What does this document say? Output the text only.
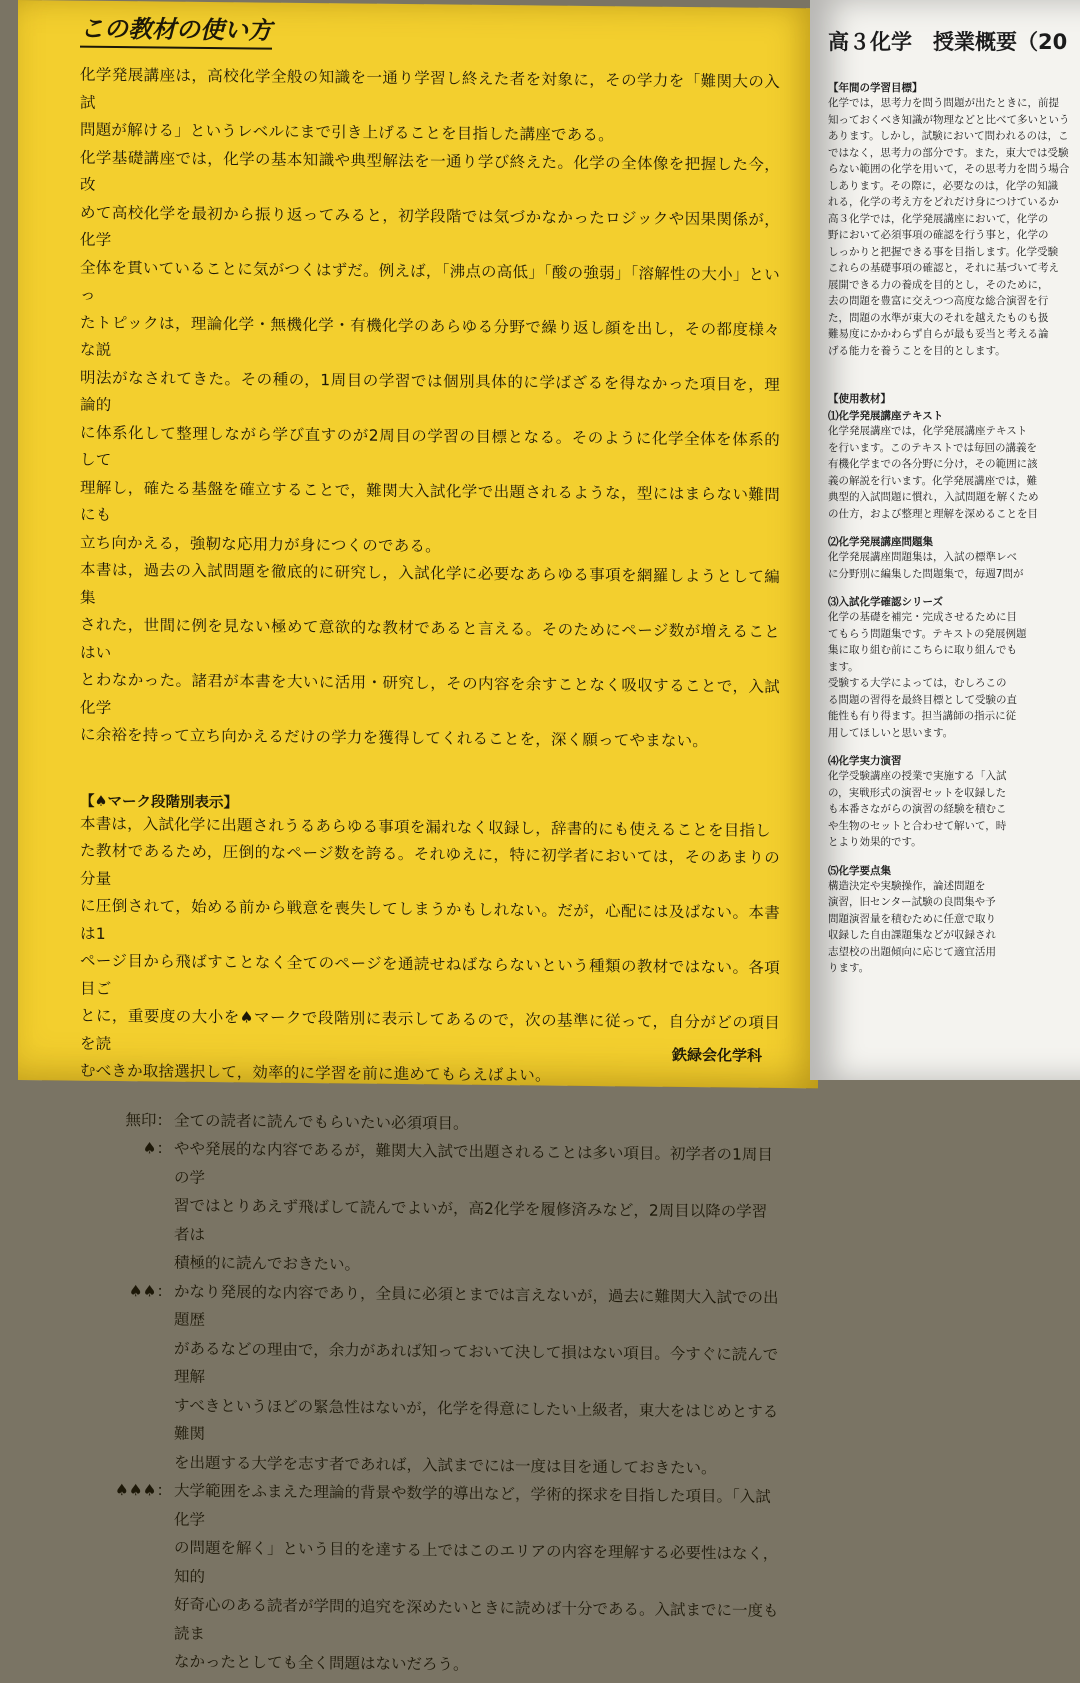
この教材の使い方
化学発展講座は，高校化学全般の知識を一通り学習し終えた者を対象に，その学力を「難関大の入試
問題が解ける」というレベルにまで引き上げることを目指した講座である。
化学基礎講座では，化学の基本知識や典型解法を一通り学び終えた。化学の全体像を把握した今，改
めて高校化学を最初から振り返ってみると，初学段階では気づかなかったロジックや因果関係が，化学
全体を貫いていることに気がつくはずだ。例えば，「沸点の高低」「酸の強弱」「溶解性の大小」といっ
たトピックは，理論化学・無機化学・有機化学のあらゆる分野で繰り返し顔を出し，その都度様々な説
明法がなされてきた。その種の，1周目の学習では個別具体的に学ばざるを得なかった項目を，理論的
に体系化して整理しながら学び直すのが2周目の学習の目標となる。そのように化学全体を体系的して
理解し，確たる基盤を確立することで，難関大入試化学で出題されるような，型にはまらない難問にも
立ち向かえる，強靭な応用力が身につくのである。
本書は，過去の入試問題を徹底的に研究し，入試化学に必要なあらゆる事項を網羅しようとして編集
された，世間に例を見ない極めて意欲的な教材であると言える。そのためにページ数が増えることはい
とわなかった。諸君が本書を大いに活用・研究し，その内容を余すことなく吸収することで，入試化学
に余裕を持って立ち向かえるだけの学力を獲得してくれることを，深く願ってやまない。
【♠マーク段階別表示】
本書は，入試化学に出題されうるあらゆる事項を漏れなく収録し，辞書的にも使えることを目指し
た教材であるため，圧倒的なページ数を誇る。それゆえに，特に初学者においては，そのあまりの分量
に圧倒されて，始める前から戦意を喪失してしまうかもしれない。だが，心配には及ばない。本書は1
ページ目から飛ばすことなく全てのページを通読せねばならないという種類の教材ではない。各項目ご
とに，重要度の大小を♠マークで段階別に表示してあるので，次の基準に従って，自分がどの項目を読
むべきか取捨選択して，効率的に学習を前に進めてもらえばよい。
無印： 全ての読者に読んでもらいたい必須項目。
♠： やや発展的な内容であるが，難関大入試で出題されることは多い項目。初学者の1周目の学
習ではとりあえず飛ばして読んでよいが，高2化学を履修済みなど，2周目以降の学習者は
積極的に読んでおきたい。
♠♠： かなり発展的な内容であり，全員に必須とまでは言えないが，過去に難関大入試での出題歴
があるなどの理由で，余力があれば知っておいて決して損はない項目。今すぐに読んで理解
すべきというほどの緊急性はないが，化学を得意にしたい上級者，東大をはじめとする難関
を出題する大学を志す者であれば，入試までには一度は目を通しておきたい。
♠♠♠： 大学範囲をふまえた理論的背景や数学的導出など，学術的探求を目指した項目。「入試化学
の問題を解く」という目的を達する上ではこのエリアの内容を理解する必要性はなく，知的
好奇心のある読者が学問的追究を深めたいときに読めば十分である。入試までに一度も読ま
なかったとしても全く問題はないだろう。
鉄緑会化学科
高３化学　授業概要（20
【年間の学習目標】
化学では，思考力を問う問題が出たときに，前提
知っておくべき知識が物理などと比べて多いという
あります。しかし，試験において問われるのは，こ
ではなく，思考力の部分です。また，東大では受験
らない範囲の化学を用いて，その思考力を問う場合
しあります。その際に，必要なのは，化学の知識
れる，化学の考え方をどれだけ身につけているか
高３化学では，化学発展講座において，化学の
野において必須事項の確認を行う事と，化学の
しっかりと把握できる事を目指します。化学受験
これらの基礎事項の確認と，それに基づいて考え
展開できる力の養成を目的とし，そのために，
去の問題を豊富に交えつつ高度な総合演習を行
た，問題の水準が東大のそれを越えたものも扱
難易度にかかわらず自らが最も妥当と考える論
げる能力を養うことを目的とします。
【使用教材】
⑴化学発展講座テキスト
化学発展講座では，化学発展講座テキスト
を行います。このテキストでは毎回の講義を
有機化学までの各分野に分け，その範囲に該
義の解説を行います。化学発展講座では，難
典型的入試問題に慣れ，入試問題を解くため
の仕方，および整理と理解を深めることを目
⑵化学発展講座問題集
化学発展講座問題集は，入試の標準レベ
に分野別に編集した問題集で，毎週7問が
⑶入試化学確認シリーズ
化学の基礎を補完・完成させるために目
てもらう問題集です。テキストの発展例題
集に取り組む前にこちらに取り組んでも
ます。
受験する大学によっては，むしろこの
る問題の習得を最終目標として受験の直
能性も有り得ます。担当講師の指示に従
用してほしいと思います。
⑷化学実力演習
化学受験講座の授業で実施する「入試
の，実戦形式の演習セットを収録した
も本番さながらの演習の経験を積むこ
や生物のセットと合わせて解いて，時
とより効果的です。
⑸化学要点集
構造決定や実験操作，論述問題を
演習，旧センター試験の良問集や予
問題演習量を積むために任意で取り
収録した自由課題集などが収録され
志望校の出題傾向に応じて適宜活用
ります。
